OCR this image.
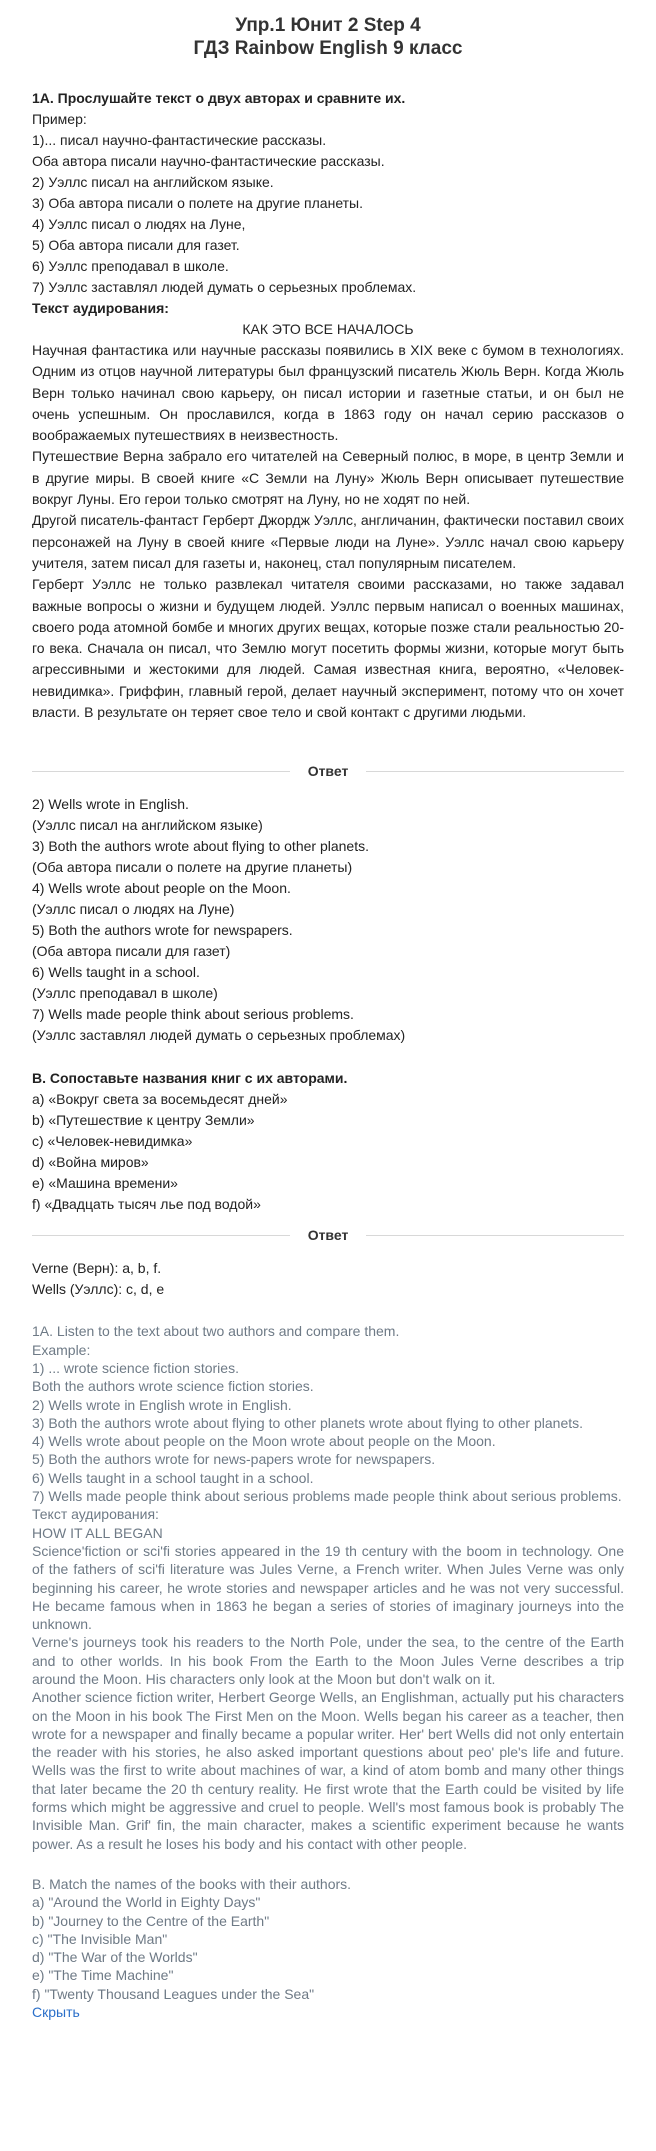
Упр.1 Юнит 2 Step 4
ГДЗ Rainbow English 9 класс

1А. Прослушайте текст о двух авторах и сравните их.

Пример:

1)... писал научно-фантастические рассказы.

Оба автора писали научно-фантастические рассказы.

2) Уэллс писал на английском языке.

3) Оба автора писали о полете на другие планеты.

4) Уэллс писал о людях на Луне,

5) Оба автора писали для газет.

6) Уэллс преподавал в школе.

7) Уэллс заставлял людей думать о серьезных проблемах.

Текст аудирования:

КАК ЭТО ВСЕ НАЧАЛОСЬ

Научная фантастика или научные рассказы появились в XIX веке с бумом в технологиях. Одним из отцов научной литературы был французский писатель Жюль Верн. Когда Жюль Верн только начинал свою карьеру, он писал истории и газетные статьи, и он был не очень успешным. Он прославился, когда в 1863 году он начал серию рассказов о воображаемых путешествиях в неизвестность.

Путешествие Верна забрало его читателей на Северный полюс, в море, в центр Земли и в другие миры. В своей книге «С Земли на Луну» Жюль Верн описывает путешествие вокруг Луны. Его герои только смотрят на Луну, но не ходят по ней.

Другой писатель-фантаст Герберт Джордж Уэллс, англичанин, фактически поставил своих персонажей на Луну в своей книге «Первые люди на Луне». Уэллс начал свою карьеру учителя, затем писал для газеты и, наконец, стал популярным писателем.

Герберт Уэллс не только развлекал читателя своими рассказами, но также задавал важные вопросы о жизни и будущем людей. Уэллс первым написал о военных машинах, своего рода атомной бомбе и многих других вещах, которые позже стали реальностью 20-го века. Сначала он писал, что Землю могут посетить формы жизни, которые могут быть агрессивными и жестокими для людей. Самая известная книга, вероятно, «Человек-невидимка». Гриффин, главный герой, делает научный эксперимент, потому что он хочет власти. В результате он теряет свое тело и свой контакт с другими людьми.

Ответ

2) Wells wrote in English.

(Уэллс писал на английском языке)

3) Both the authors wrote about flying to other planets.

(Оба автора писали о полете на другие планеты)

4) Wells wrote about people on the Moon.

(Уэллс писал о людях на Луне)

5) Both the authors wrote for newspapers.

(Оба автора писали для газет)

6) Wells taught in a school.

(Уэллс преподавал в школе)

7) Wells made people think about serious problems.

(Уэллс заставлял людей думать о серьезных проблемах)

В. Сопоставьте названия книг с их авторами.

a) «Вокруг света за восемьдесят дней»

b) «Путешествие к центру Земли»

c) «Человек-невидимка»

d) «Война миров»

e) «Машина времени»

f) «Двадцать тысяч лье под водой»

Ответ

Verne (Верн): a, b, f.

Wells (Уэллс): c, d, e

1A. Listen to the text about two authors and compare them.

Example:

1) ... wrote science fiction stories.

Both the authors wrote science fiction stories.

2) Wells wrote in English wrote in English.

3) Both the authors wrote about flying to other planets wrote about flying to other planets.

4) Wells wrote about people on the Moon wrote about people on the Moon.

5) Both the authors wrote for news-papers wrote for newspapers.

6) Wells taught in a school taught in a school.

7) Wells made people think about serious problems made people think about serious problems.

Текст аудирования:

HOW IT ALL BEGAN

Science'fiction or sci'fi stories appeared in the 19 th century with the boom in technology. One of the fathers of sci'fi literature was Jules Verne, a French writer. When Jules Verne was only beginning his career, he wrote stories and newspaper articles and he was not very successful. He became famous when in 1863 he began a series of stories of imaginary journeys into the unknown.

Verne's journeys took his readers to the North Pole, under the sea, to the centre of the Earth and to other worlds. In his book From the Earth to the Moon Jules Verne describes a trip around the Moon. His characters only look at the Moon but don't walk on it.

Another science fiction writer, Herbert George Wells, an Englishman, actually put his characters on the Moon in his book The First Men on the Moon. Wells began his career as a teacher, then wrote for a newspaper and finally became a popular writer. Her' bert Wells did not only entertain the reader with his stories, he also asked important questions about peo' ple's life and future. Wells was the first to write about machines of war, a kind of atom bomb and many other things that later became the 20 th century reality. He first wrote that the Earth could be visited by life forms which might be aggressive and cruel to people. Well's most famous book is probably The Invisible Man. Grif' fin, the main character, makes a scientific experiment because he wants power. As a result he loses his body and his contact with other people.

B. Match the names of the books with their authors.

a) "Around the World in Eighty Days"

b) "Journey to the Centre of the Earth"

c) "The Invisible Man"

d) "The War of the Worlds"

e) "The Time Machine"

f) "Twenty Thousand Leagues under the Sea"

Скрыть
